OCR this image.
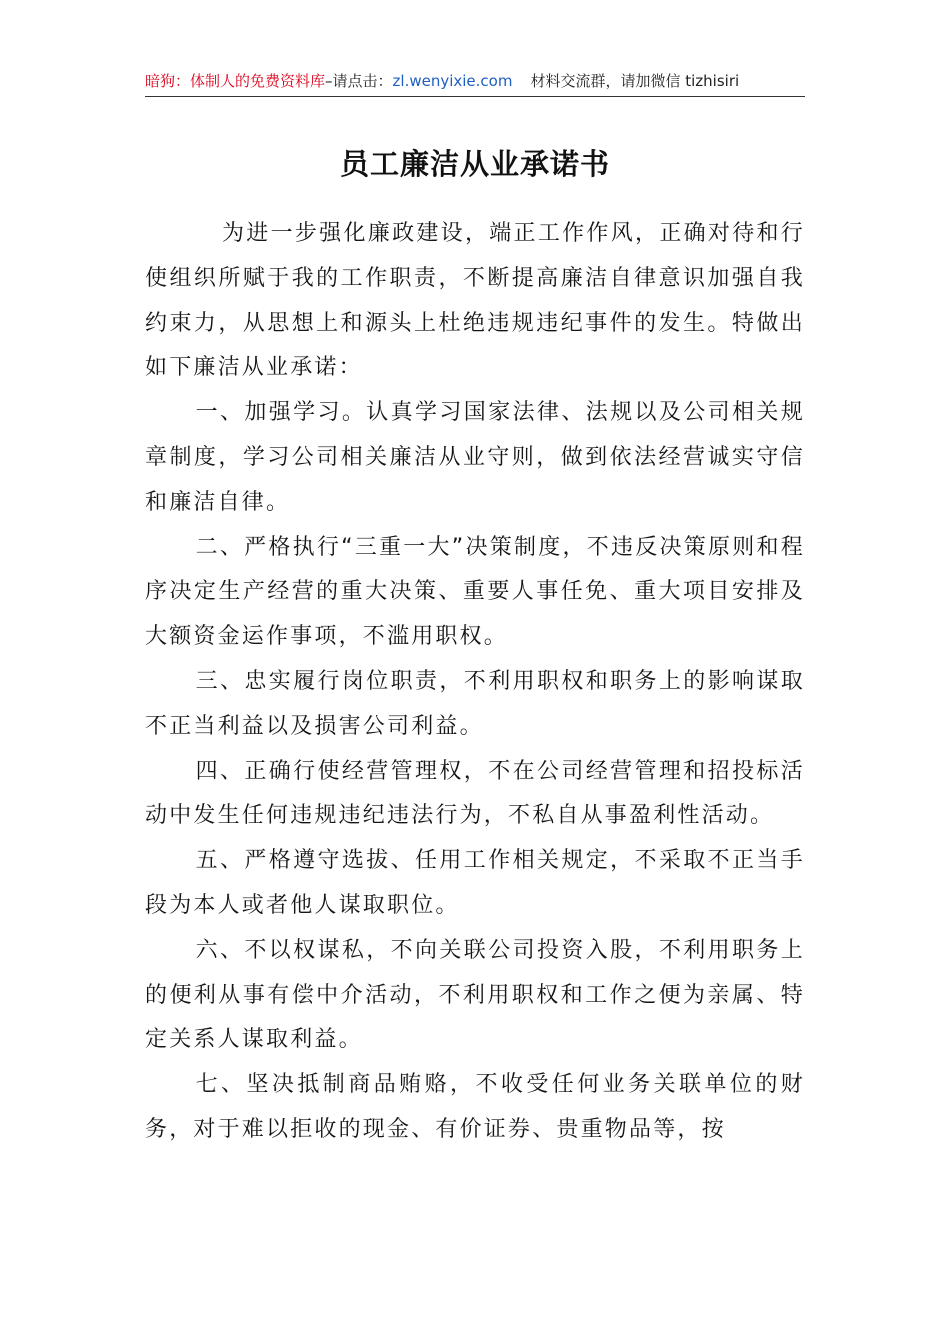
暗狗：体制人的免费资料库–请点击：zl.wenyixie.com 材料交流群，请加微信 tizhisiri
员工廉洁从业承诺书

为进一步强化廉政建设，端正工作作风，正确对待和行使组织所赋于我的工作职责，不断提高廉洁自律意识加强自我约束力，从思想上和源头上杜绝违规违纪事件的发生。特做出如下廉洁从业承诺：

一、加强学习。认真学习国家法律、法规以及公司相关规章制度，学习公司相关廉洁从业守则，做到依法经营诚实守信和廉洁自律。

二、严格执行“三重一大”决策制度，不违反决策原则和程序决定生产经营的重大决策、重要人事任免、重大项目安排及大额资金运作事项，不滥用职权。

三、忠实履行岗位职责，不利用职权和职务上的影响谋取不正当利益以及损害公司利益。

四、正确行使经营管理权，不在公司经营管理和招投标活动中发生任何违规违纪违法行为，不私自从事盈利性活动。

五、严格遵守选拔、任用工作相关规定，不采取不正当手段为本人或者他人谋取职位。

六、不以权谋私，不向关联公司投资入股，不利用职务上的便利从事有偿中介活动，不利用职权和工作之便为亲属、特定关系人谋取利益。

七、坚决抵制商品贿赂，不收受任何业务关联单位的财务，对于难以拒收的现金、有价证券、贵重物品等，按
